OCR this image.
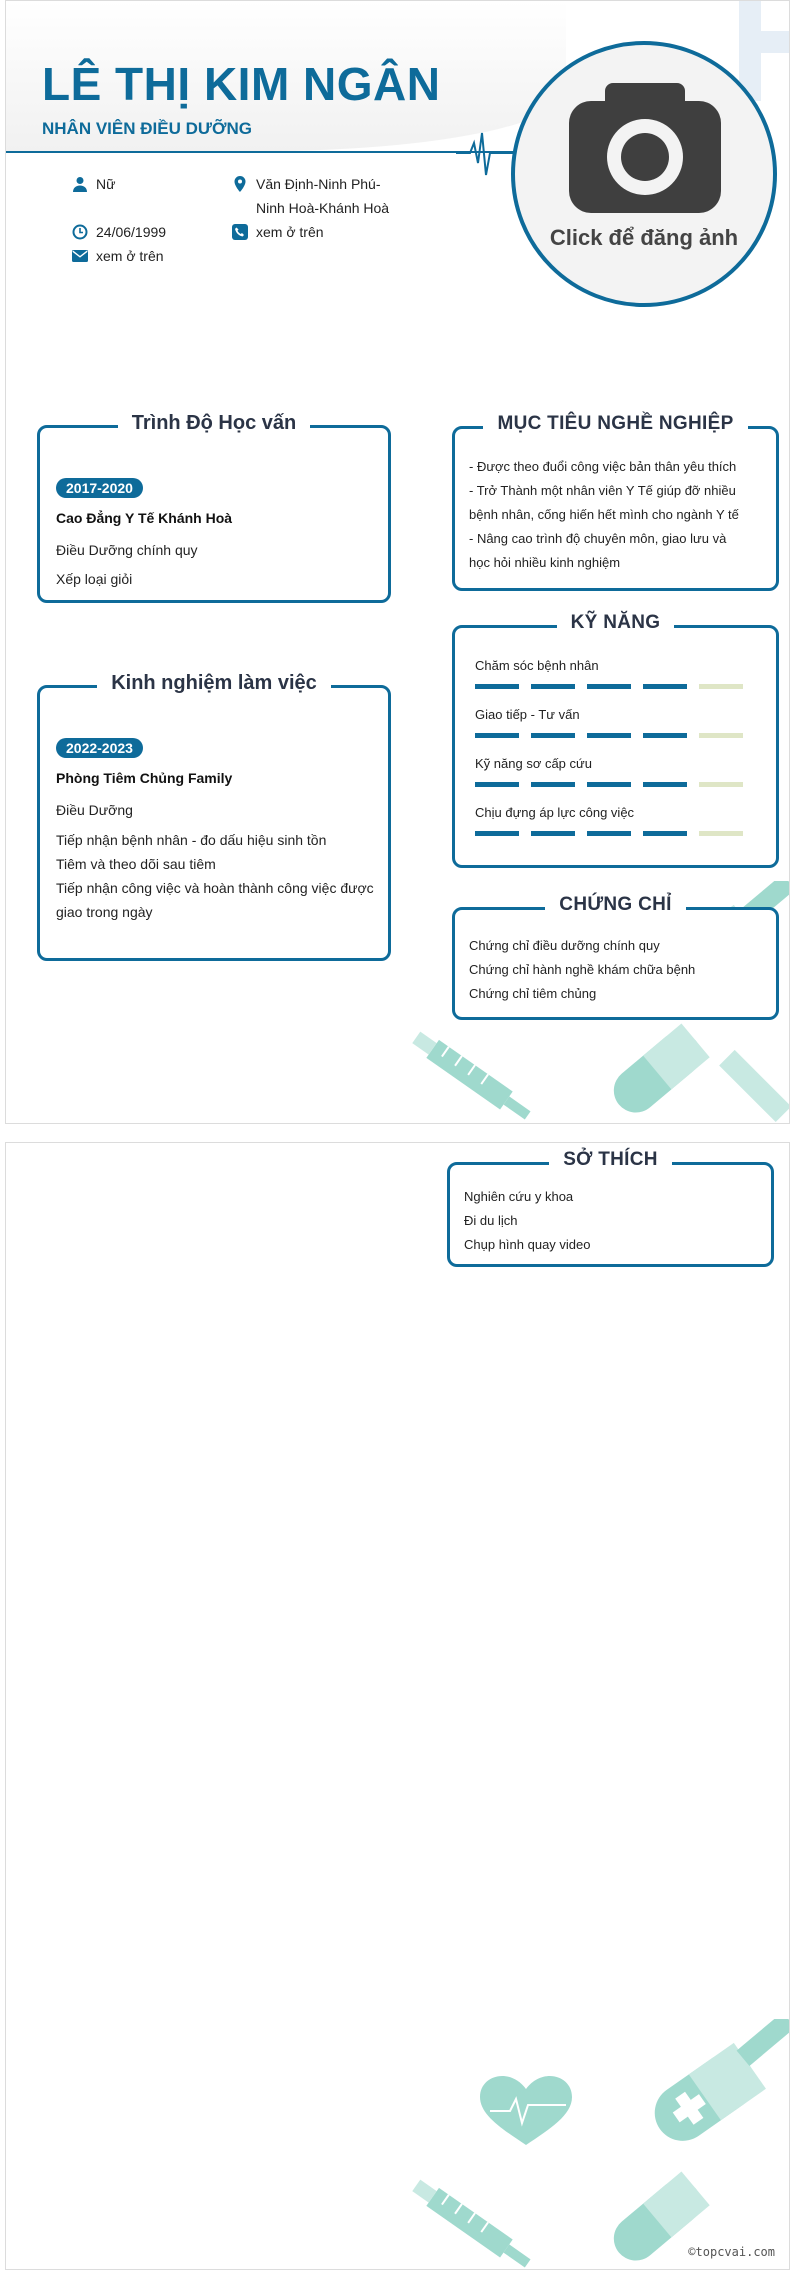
LÊ THỊ KIM NGÂN
NHÂN VIÊN ĐIỀU DƯỠNG
Click để đăng ảnh
Nữ	Văn Định-Ninh Phú-
Ninh Hoà-Khánh Hoà
24/06/1999	xem ở trên
xem ở trên
Trình Độ Học vấn
2017-2020
Cao Đẳng Y Tế Khánh Hoà
Điều Dưỡng chính quy
Xếp loại giỏi
Kinh nghiệm làm việc
2022-2023
Phòng Tiêm Chủng Family
Điều Dưỡng
Tiếp nhận bệnh nhân - đo dấu hiệu sinh tồn
Tiêm và theo dõi sau tiêm
Tiếp nhận công việc và hoàn thành công việc được
giao trong ngày
MỤC TIÊU NGHỀ NGHIỆP
- Được theo đuổi công việc bản thân yêu thích
- Trở Thành một nhân viên Y Tế giúp đỡ nhiều
bệnh nhân, cống hiến hết mình cho ngành Y tế
- Nâng cao trình độ chuyên môn, giao lưu và
học hỏi nhiều kinh nghiệm
KỸ NĂNG
Chăm sóc bệnh nhân
Giao tiếp - Tư vấn
Kỹ năng sơ cấp cứu
Chịu đựng áp lực công việc
CHỨNG CHỈ
Chứng chỉ điều dưỡng chính quy
Chứng chỉ hành nghề khám chữa bệnh
Chứng chỉ tiêm chủng
SỞ THÍCH
Nghiên cứu y khoa
Đi du lịch
Chụp hình quay video
©topcvai.com
